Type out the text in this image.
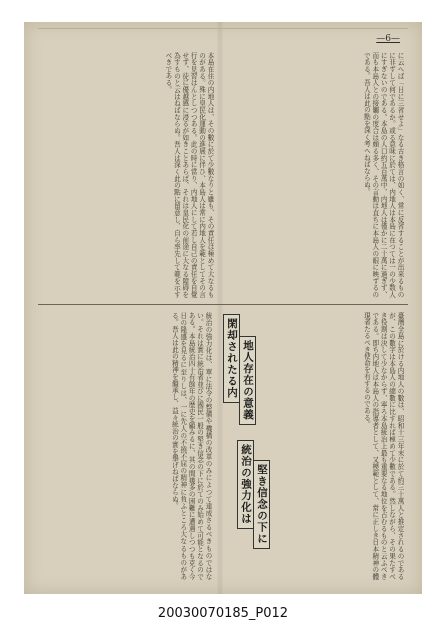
—6—
に云へば「日に三省せよ」なる古き格言の如く、常に反省することが出来るものに非ずして何であるか。或る意味に於ては、内地人は本島に在つては一の少数人にすぎないのである。本島の人口約五百萬中、内地人は僅かに二十萬に過ぎず、而も本島人との接觸の度合は頗る多く、その言動は直ちに本島人の眼に映ずるのである。吾人は此の點を深く考へねばならぬ。
本島在住の内地人は、その數に於て少數なりと雖も、その責任は極めて大なるものがある。殊に皇民化運動の進展に伴ひ、本島人は常に内地人を範としてその言行を見習はんとしつつある。此の時に當り、内地人にして若し自己の責任を自覺せず、徒に優越感に浸るが如きことあらば、それは皇民化の前途に大なる障碍を為すものと云はねばならぬ。吾人は深く此の點に留意し、自ら率先して範を示すべきである。
閑却されたる内 地人存在の意義
統治の強力化は 堅き信念の下に	臺灣全島に於ける内地人の數は、昭和十三年末に於て約三十萬人と推定されるのであるが、この數字は本島人の總數に比すれば極めて少數である。然しながら、その果たすべき役割は決して少なからず、寧ろ本島統治上最も重要なる地位を占むるものと云ふべきである。即ち内地人は本島人の指導者として、又模範として、常に正しき日本精神の體現者たるべき使命を有するのである。
統治の強力化は、單に法令の整備や機構の改革のみによつて達成さるべきものではない。それは實に統治者並びに國民一般の堅き信念の下に於てのみ始めて可能となるのである。本島統治四十有餘年の歴史を顧みるに、其の間幾多の困難に遭遇しつつも克く今日の隆盛を見るに至りしは、一に先人の不撓不屈の精神に負ふところ大なるものがある。吾人は此の精神を繼承し、益々統治の實を擧げねばならぬ。
20030070185_P012
